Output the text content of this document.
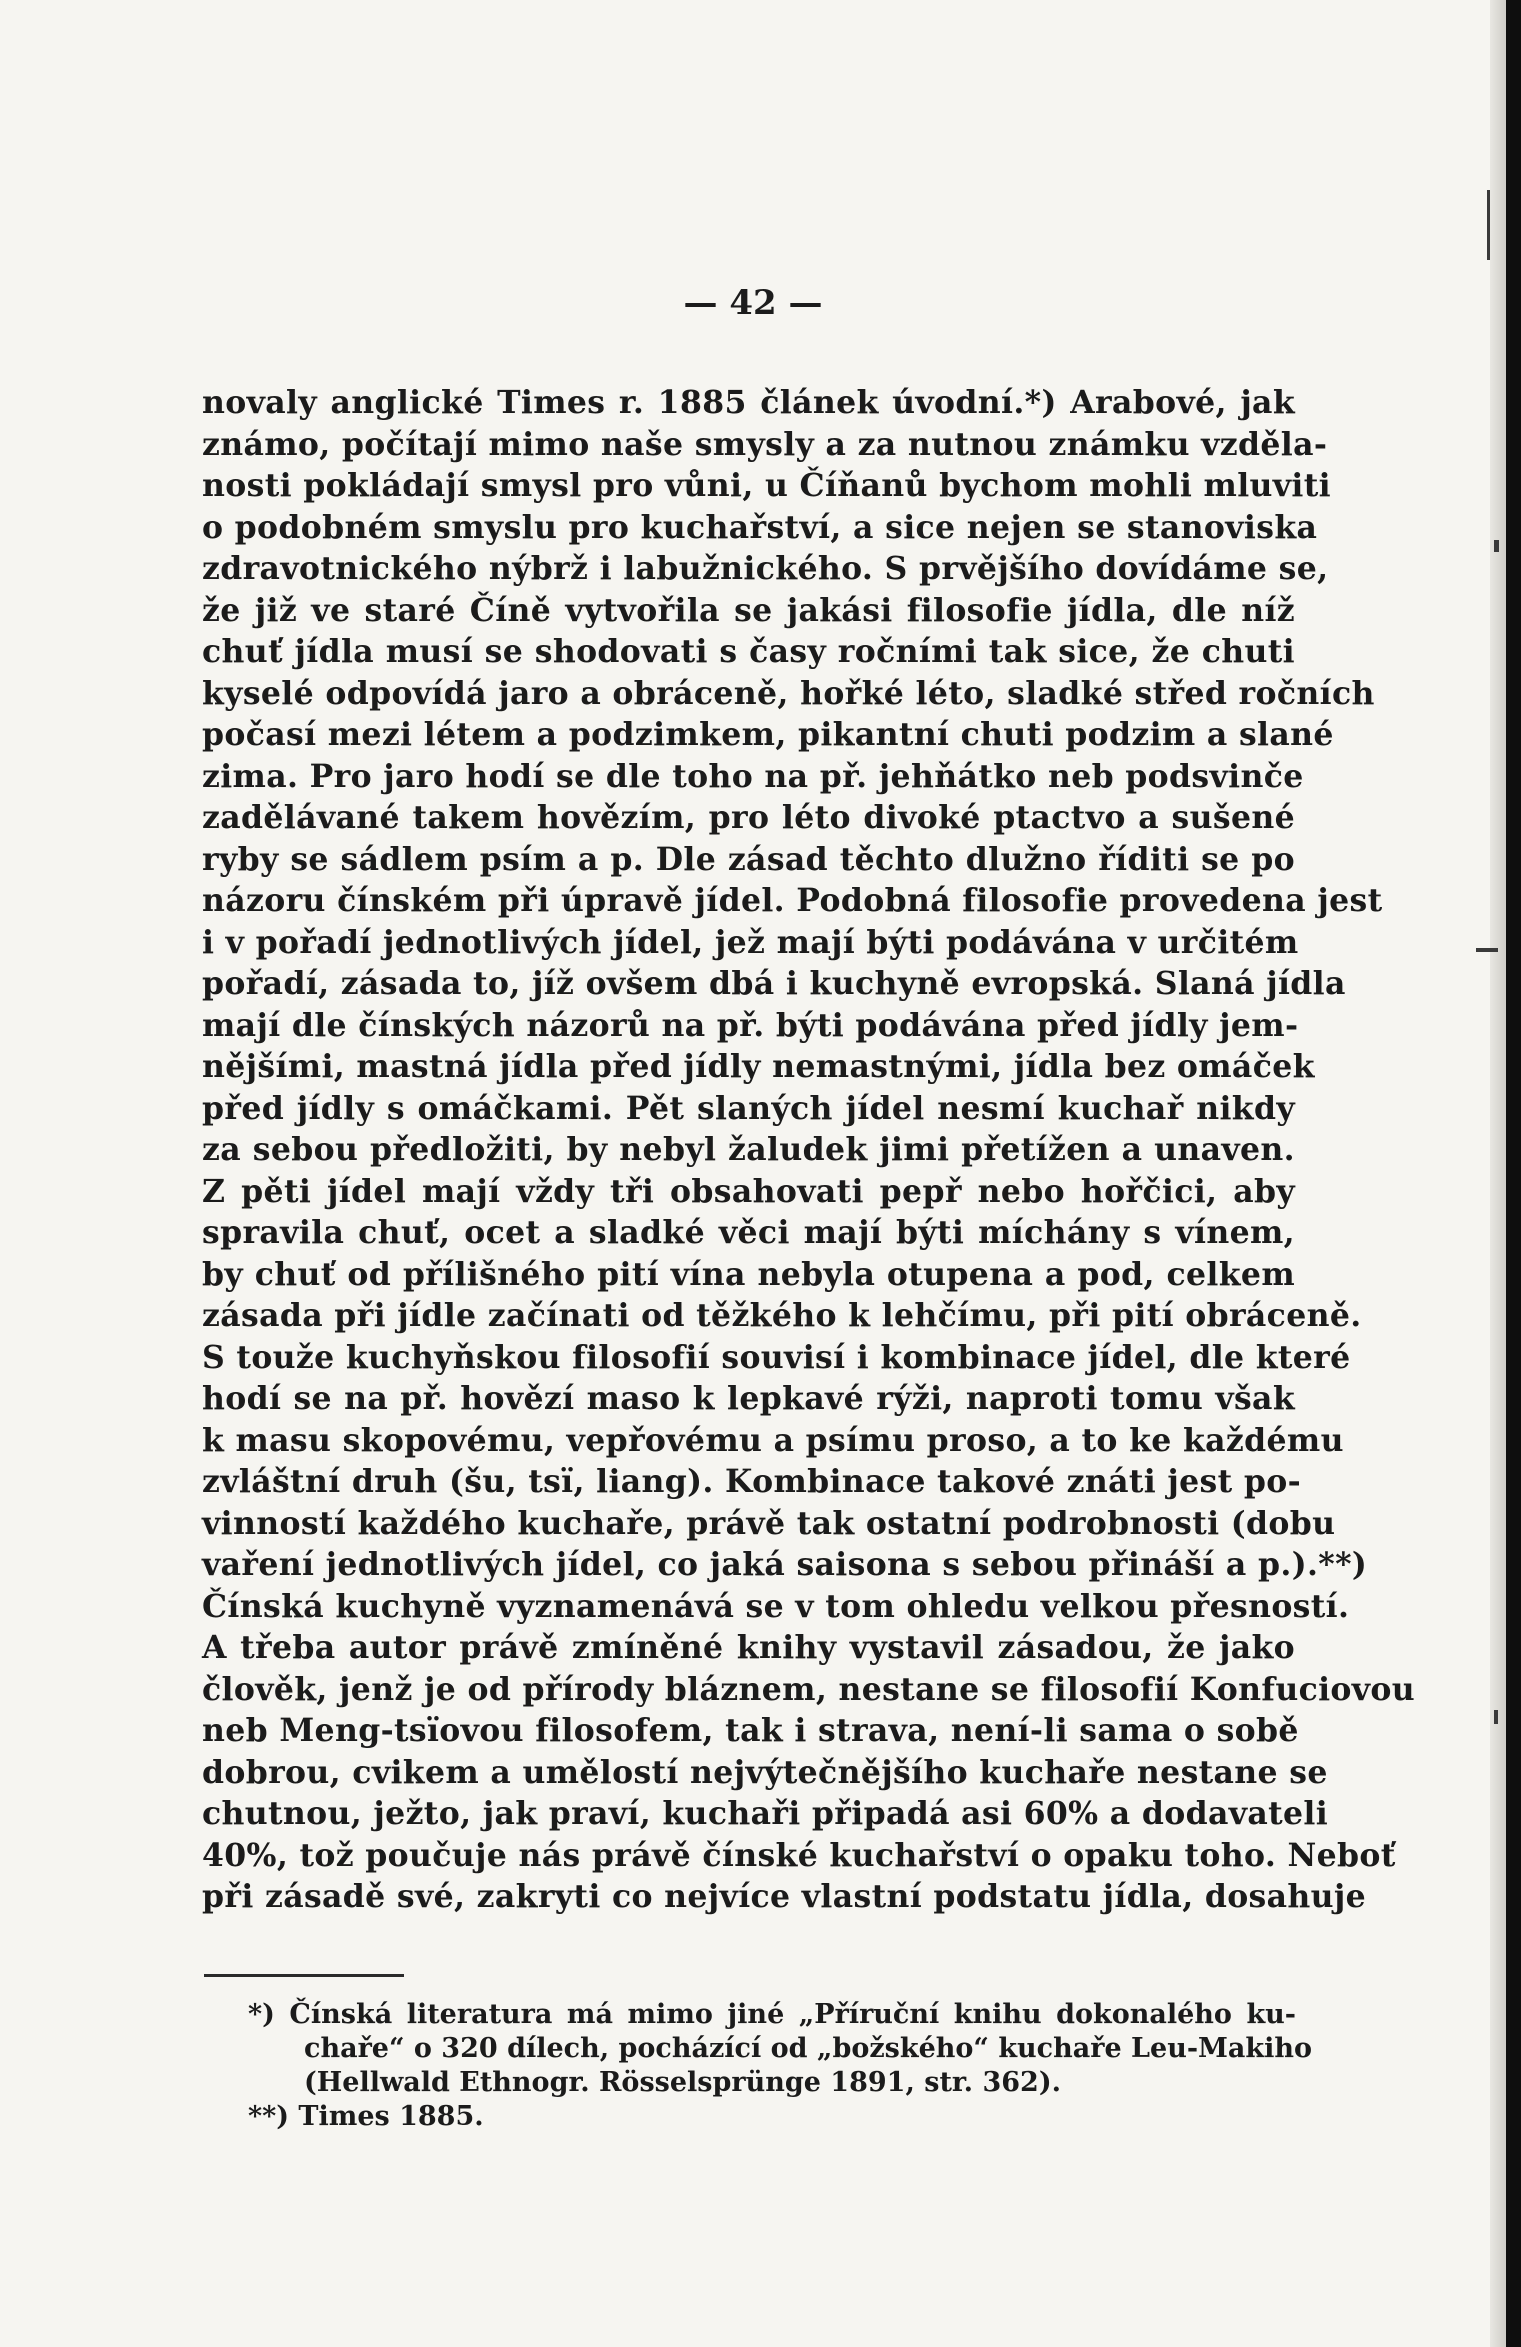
— 42 —
novaly anglické Times r. 1885 článek úvodní.*) Arabové, jak
známo, počítají mimo naše smysly a za nutnou známku vzděla-
nosti pokládají smysl pro vůni, u Číňanů bychom mohli mluviti
o podobném smyslu pro kuchařství, a sice nejen se stanoviska
zdravotnického nýbrž i labužnického. S prvějšího dovídáme se,
že již ve staré Číně vytvořila se jakási filosofie jídla, dle níž
chuť jídla musí se shodovati s časy ročními tak sice, že chuti
kyselé odpovídá jaro a obráceně, hořké léto, sladké střed ročních
počasí mezi létem a podzimkem, pikantní chuti podzim a slané
zima. Pro jaro hodí se dle toho na př. jehňátko neb podsvinče
zadělávané takem hovězím, pro léto divoké ptactvo a sušené
ryby se sádlem psím a p. Dle zásad těchto dlužno říditi se po
názoru čínském při úpravě jídel. Podobná filosofie provedena jest
i v pořadí jednotlivých jídel, jež mají býti podávána v určitém
pořadí, zásada to, jíž ovšem dbá i kuchyně evropská. Slaná jídla
mají dle čínských názorů na př. býti podávána před jídly jem-
nějšími, mastná jídla před jídly nemastnými, jídla bez omáček
před jídly s omáčkami. Pět slaných jídel nesmí kuchař nikdy
za sebou předložiti, by nebyl žaludek jimi přetížen a unaven.
Z pěti jídel mají vždy tři obsahovati pepř nebo hořčici, aby
spravila chuť, ocet a sladké věci mají býti míchány s vínem,
by chuť od přílišného pití vína nebyla otupena a pod, celkem
zásada při jídle začínati od těžkého k lehčímu, při pití obráceně.
S touže kuchyňskou filosofií souvisí i kombinace jídel, dle které
hodí se na př. hovězí maso k lepkavé rýži, naproti tomu však
k masu skopovému, vepřovému a psímu proso, a to ke každému
zvláštní druh (šu, tsï, liang). Kombinace takové znáti jest po-
vinností každého kuchaře, právě tak ostatní podrobnosti (dobu
vaření jednotlivých jídel, co jaká saisona s sebou přináší a p.).**)
Čínská kuchyně vyznamenává se v tom ohledu velkou přesností.
A třeba autor právě zmíněné knihy vystavil zásadou, že jako
člověk, jenž je od přírody bláznem, nestane se filosofií Konfuciovou
neb Meng-tsïovou filosofem, tak i strava, není-li sama o sobě
dobrou, cvikem a umělostí nejvýtečnějšího kuchaře nestane se
chutnou, ježto, jak praví, kuchaři připadá asi 60% a dodavateli
40%, tož poučuje nás právě čínské kuchařství o opaku toho. Neboť
při zásadě své, zakryti co nejvíce vlastní podstatu jídla, dosahuje
*) Čínská literatura má mimo jiné „Příruční knihu dokonalého ku-
chaře“ o 320 dílech, pocházící od „božského“ kuchaře Leu-Makiho
(Hellwald Ethnogr. Rösselsprünge 1891, str. 362).
**) Times 1885.
